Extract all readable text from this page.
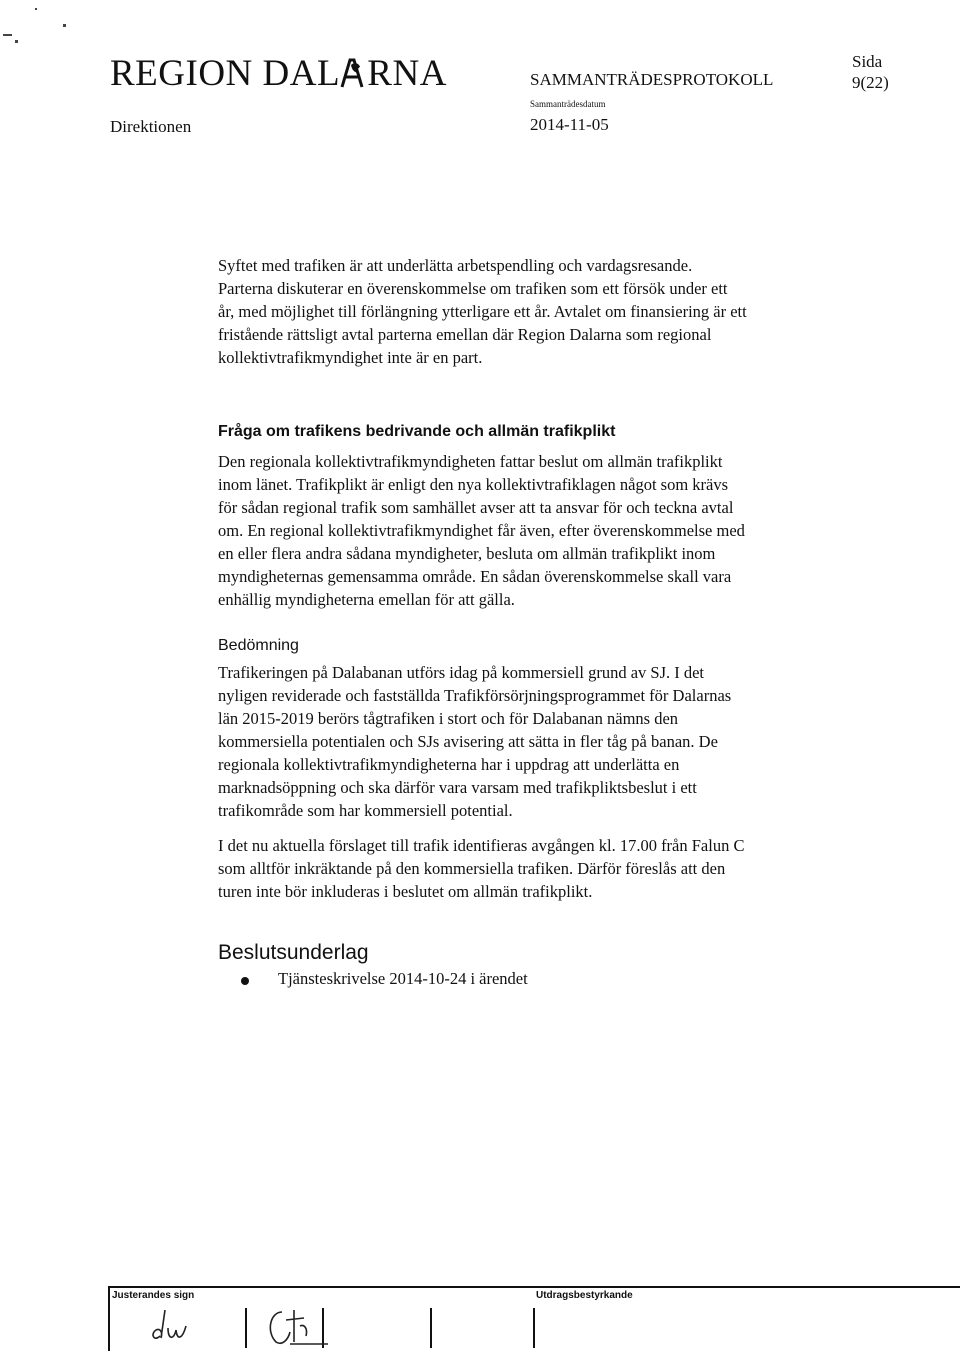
REGION DAL RNA
Direktionen
SAMMANTRÄDESPROTOKOLL
Sammanträdesdatum
2014-11-05
Sida
9(22)

Syftet med trafiken är att underlätta arbetspendling och vardagsresande.

Parterna diskuterar en överenskommelse om trafiken som ett försök under ett

år, med möjlighet till förlängning ytterligare ett år. Avtalet om finansiering är ett

fristående rättsligt avtal parterna emellan där Region Dalarna som regional

kollektivtrafikmyndighet inte är en part.

Fråga om trafikens bedrivande och allmän trafikplikt

Den regionala kollektivtrafikmyndigheten fattar beslut om allmän trafikplikt

inom länet. Trafikplikt är enligt den nya kollektivtrafiklagen något som krävs

för sådan regional trafik som samhället avser att ta ansvar för och teckna avtal

om. En regional kollektivtrafikmyndighet får även, efter överenskommelse med

en eller flera andra sådana myndigheter, besluta om allmän trafikplikt inom

myndigheternas gemensamma område. En sådan överenskommelse skall vara

enhällig myndigheterna emellan för att gälla.

Bedömning

Trafikeringen på Dalabanan utförs idag på kommersiell grund av SJ. I det

nyligen reviderade och fastställda Trafikförsörjningsprogrammet för Dalarnas

län 2015-2019 berörs tågtrafiken i stort och för Dalabanan nämns den

kommersiella potentialen och SJs avisering att sätta in fler tåg på banan. De

regionala kollektivtrafikmyndigheterna har i uppdrag att underlätta en

marknadsöppning och ska därför vara varsam med trafikpliktsbeslut i ett

trafikområde som har kommersiell potential.

I det nu aktuella förslaget till trafik identifieras avgången kl. 17.00 från Falun C

som alltför inkräktande på den kommersiella trafiken. Därför föreslås att den

turen inte bör inkluderas i beslutet om allmän trafikplikt.

Beslutsunderlag
Tjänsteskrivelse 2014-10-24 i ärendet
Justerandes sign	Utdragsbestyrkande
